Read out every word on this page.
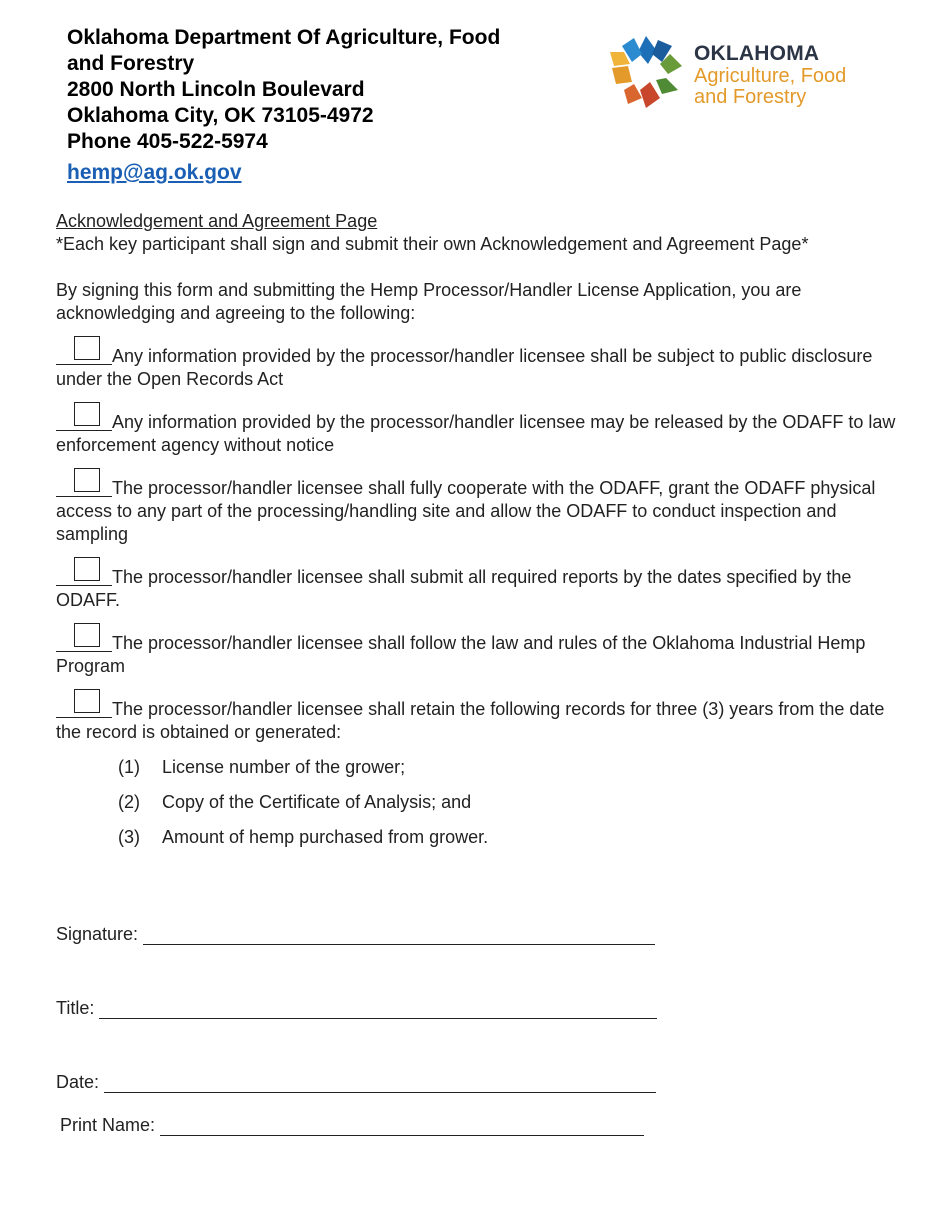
Oklahoma Department Of Agriculture, Food
and Forestry
2800 North Lincoln Boulevard
Oklahoma City, OK 73105-4972
Phone 405-522-5974
hemp@ag.ok.gov
OKLAHOMA
Agriculture, Food
and Forestry

Acknowledgement and Agreement Page

*Each key participant shall sign and submit their own Acknowledgement and Agreement Page*

By signing this form and submitting the Hemp Processor/Handler License Application, you are acknowledging and agreeing to the following:

Any information provided by the processor/handler licensee shall be subject to public disclosure under the Open Records Act

Any information provided by the processor/handler licensee may be released by the ODAFF to law enforcement agency without notice

The processor/handler licensee shall fully cooperate with the ODAFF, grant the ODAFF physical access to any part of the processing/handling site and allow the ODAFF to conduct inspection and sampling

The processor/handler licensee shall submit all required reports by the dates specified by the ODAFF.

The processor/handler licensee shall follow the law and rules of the Oklahoma Industrial Hemp Program

The processor/handler licensee shall retain the following records for three (3) years from the date the record is obtained or generated:

(1) License number of the grower;
(2) Copy of the Certificate of Analysis; and
(3) Amount of hemp purchased from grower.
Signature:
Title:
Date:
Print Name:
